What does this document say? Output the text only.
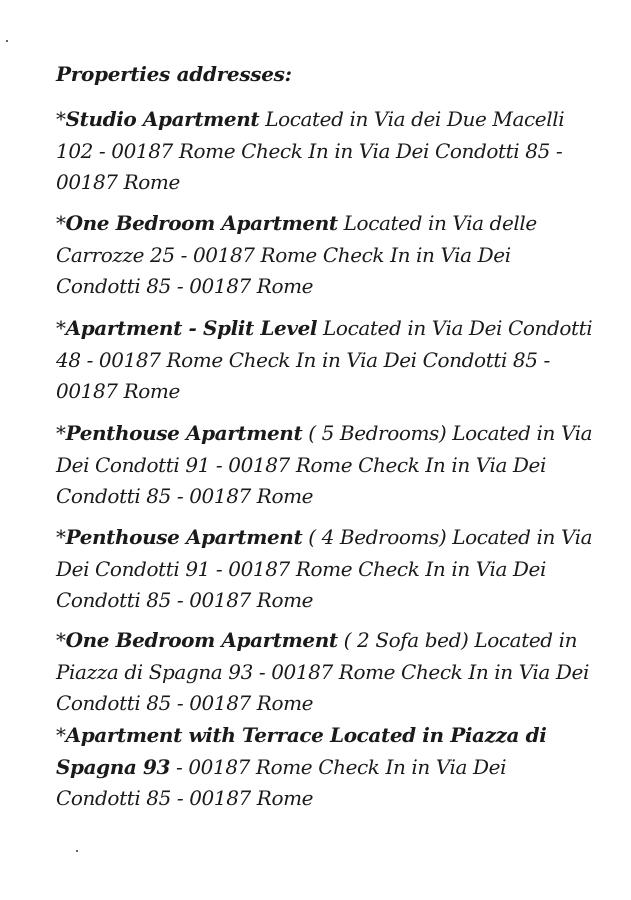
Properties addresses:
*Studio Apartment Located in Via dei Due Macelli 102 - 00187 Rome Check In in Via Dei Condotti 85 - 00187 Rome
*One Bedroom Apartment Located in Via delle Carrozze 25 - 00187 Rome Check In in Via Dei Condotti 85 - 00187 Rome
*Apartment - Split Level Located in Via Dei Condotti 48 - 00187 Rome Check In in Via Dei Condotti 85 - 00187 Rome
*Penthouse Apartment ( 5 Bedrooms) Located in Via Dei Condotti 91 - 00187 Rome Check In in Via Dei Condotti 85 - 00187 Rome
*Penthouse Apartment ( 4 Bedrooms) Located in Via Dei Condotti 91 - 00187 Rome Check In in Via Dei Condotti 85 - 00187 Rome
*One Bedroom Apartment ( 2 Sofa bed) Located in Piazza di Spagna 93 - 00187 Rome Check In in Via Dei Condotti 85 - 00187 Rome
*Apartment with Terrace Located in Piazza di Spagna 93 - 00187 Rome Check In in Via Dei Condotti 85 - 00187 Rome
